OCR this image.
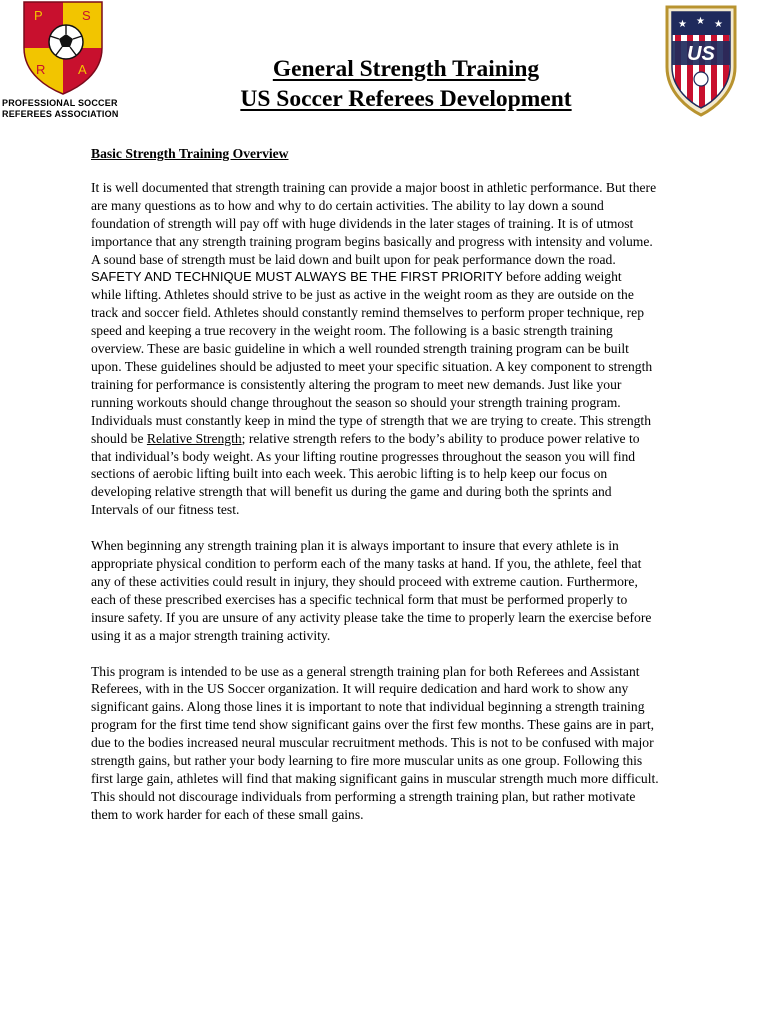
P	S
R	A
PROFESSIONAL SOCCER
REFEREES ASSOCIATION
★ ★ ★
US
General Strength Training
US Soccer Referees Development
Basic Strength Training Overview
It is well documented that strength training can provide a major boost in athletic performance. But there
are many questions as to how and why to do certain activities. The ability to lay down a sound
foundation of strength will pay off with huge dividends in the later stages of training. It is of utmost
importance that any strength training program begins basically and progress with intensity and volume.
A sound base of strength must be laid down and built upon for peak performance down the road.
SAFETY AND TECHNIQUE MUST ALWAYS BE THE FIRST PRIORITY before adding weight
while lifting. Athletes should strive to be just as active in the weight room as they are outside on the
track and soccer field. Athletes should constantly remind themselves to perform proper technique, rep
speed and keeping a true recovery in the weight room. The following is a basic strength training
overview. These are basic guideline in which a well rounded strength training program can be built
upon. These guidelines should be adjusted to meet your specific situation. A key component to strength
training for performance is consistently altering the program to meet new demands. Just like your
running workouts should change throughout the season so should your strength training program.
Individuals must constantly keep in mind the type of strength that we are trying to create. This strength
should be Relative Strength; relative strength refers to the body’s ability to produce power relative to
that individual’s body weight. As your lifting routine progresses throughout the season you will find
sections of aerobic lifting built into each week. This aerobic lifting is to help keep our focus on
developing relative strength that will benefit us during the game and during both the sprints and
Intervals of our fitness test.
When beginning any strength training plan it is always important to insure that every athlete is in
appropriate physical condition to perform each of the many tasks at hand. If you, the athlete, feel that
any of these activities could result in injury, they should proceed with extreme caution. Furthermore,
each of these prescribed exercises has a specific technical form that must be performed properly to
insure safety. If you are unsure of any activity please take the time to properly learn the exercise before
using it as a major strength training activity.
This program is intended to be use as a general strength training plan for both Referees and Assistant
Referees, with in the US Soccer organization. It will require dedication and hard work to show any
significant gains. Along those lines it is important to note that individual beginning a strength training
program for the first time tend show significant gains over the first few months. These gains are in part,
due to the bodies increased neural muscular recruitment methods. This is not to be confused with major
strength gains, but rather your body learning to fire more muscular units as one group. Following this
first large gain, athletes will find that making significant gains in muscular strength much more difficult.
This should not discourage individuals from performing a strength training plan, but rather motivate
them to work harder for each of these small gains.
